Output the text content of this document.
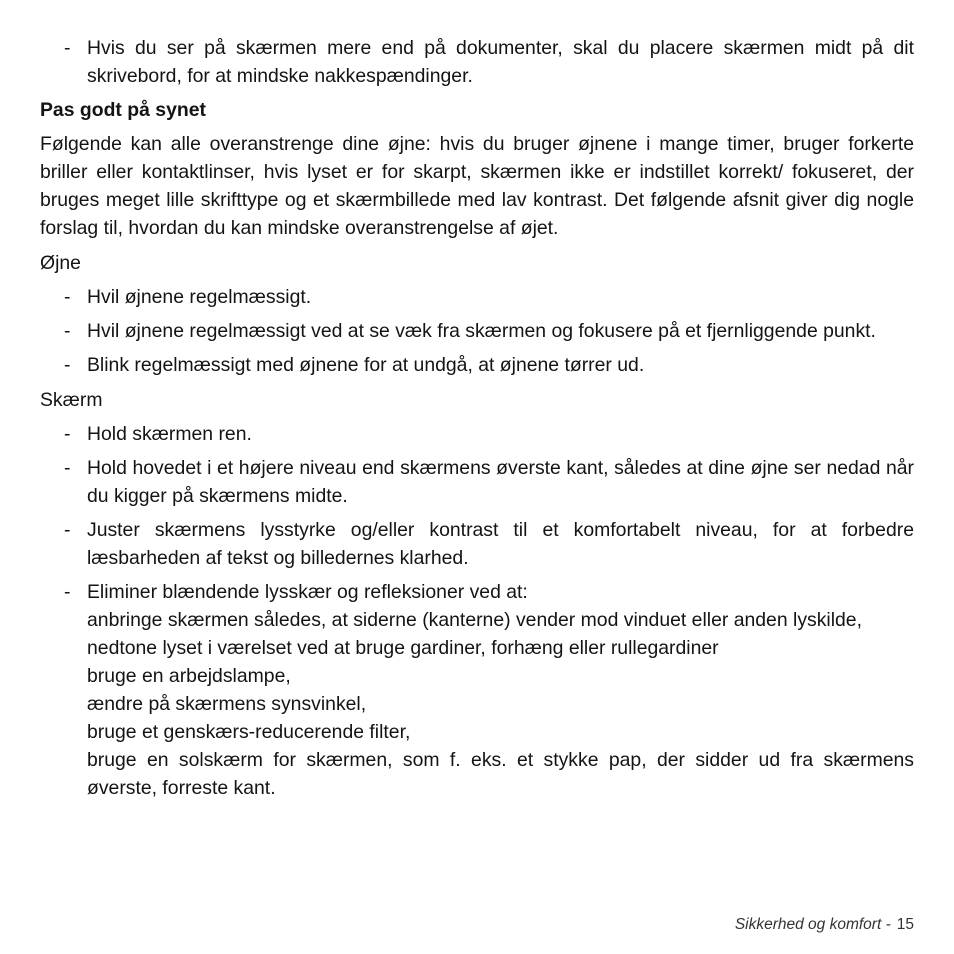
- Hvis du ser på skærmen mere end på dokumenter, skal du placere skærmen midt på dit skrivebord, for at mindske nakkespændinger.
Pas godt på synet
Følgende kan alle overanstrenge dine øjne: hvis du bruger øjnene i mange timer, bruger forkerte briller eller kontaktlinser, hvis lyset er for skarpt, skærmen ikke er indstillet korrekt/ fokuseret, der bruges meget lille skrifttype og et skærmbillede med lav kontrast. Det følgende afsnit giver dig nogle forslag til, hvordan du kan mindske overanstrengelse af øjet.
Øjne
- Hvil øjnene regelmæssigt.
- Hvil øjnene regelmæssigt ved at se væk fra skærmen og fokusere på et fjernliggende punkt.
- Blink regelmæssigt med øjnene for at undgå, at øjnene tørrer ud.
Skærm
- Hold skærmen ren.
- Hold hovedet i et højere niveau end skærmens øverste kant, således at dine øjne ser nedad når du kigger på skærmens midte.
- Juster skærmens lysstyrke og/eller kontrast til et komfortabelt niveau, for at forbedre læsbarheden af tekst og billedernes klarhed.
- Eliminer blændende lysskær og refleksioner ved at:
anbringe skærmen således, at siderne (kanterne) vender mod vinduet eller anden lyskilde,
nedtone lyset i værelset ved at bruge gardiner, forhæng eller rullegardiner
bruge en arbejdslampe,
ændre på skærmens synsvinkel,
bruge et genskærs-reducerende filter,
bruge en solskærm for skærmen, som f. eks. et stykke pap, der sidder ud fra skærmens øverste, forreste kant.
Sikkerhed og komfort - 15
